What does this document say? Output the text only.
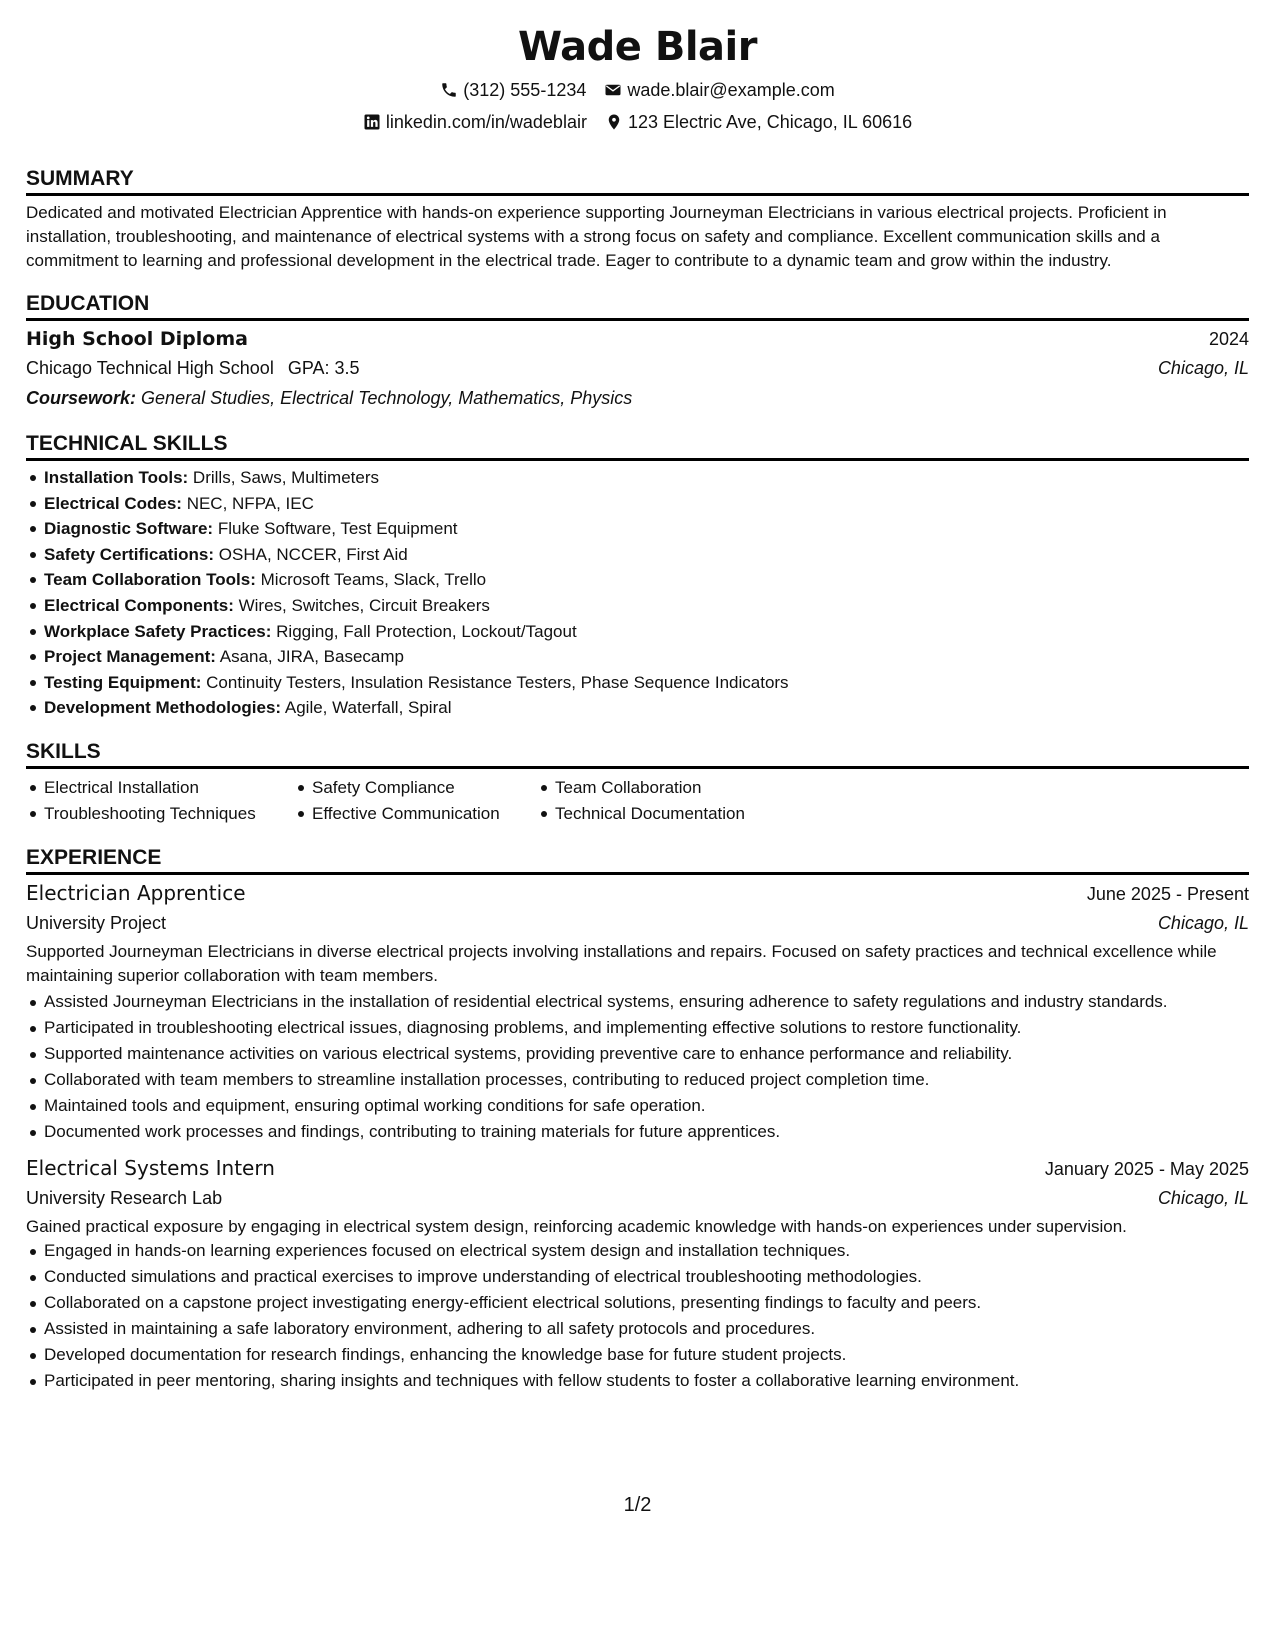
Wade Blair
(312) 555-1234 wade.blair@example.com
linkedin.com/in/wadeblair 123 Electric Ave, Chicago, IL 60616
SUMMARY

Dedicated and motivated Electrician Apprentice with hands-on experience supporting Journeyman Electricians in various electrical projects. Proficient in installation, troubleshooting, and maintenance of electrical systems with a strong focus on safety and compliance. Excellent communication skills and a commitment to learning and professional development in the electrical trade. Eager to contribute to a dynamic team and grow within the industry.

EDUCATION
High School Diploma	2024
Chicago Technical High School GPA: 3.5	Chicago, IL
Coursework: General Studies, Electrical Technology, Mathematics, Physics
TECHNICAL SKILLS
Installation Tools: Drills, Saws, Multimeters
Electrical Codes: NEC, NFPA, IEC
Diagnostic Software: Fluke Software, Test Equipment
Safety Certifications: OSHA, NCCER, First Aid
Team Collaboration Tools: Microsoft Teams, Slack, Trello
Electrical Components: Wires, Switches, Circuit Breakers
Workplace Safety Practices: Rigging, Fall Protection, Lockout/Tagout
Project Management: Asana, JIRA, Basecamp
Testing Equipment: Continuity Testers, Insulation Resistance Testers, Phase Sequence Indicators
Development Methodologies: Agile, Waterfall, Spiral
SKILLS
Electrical Installation	Safety Compliance	Team Collaboration
Troubleshooting Techniques	Effective Communication	Technical Documentation
EXPERIENCE
Electrician Apprentice	June 2025 - Present
University Project	Chicago, IL

Supported Journeyman Electricians in diverse electrical projects involving installations and repairs. Focused on safety practices and technical excellence while maintaining superior collaboration with team members.

Assisted Journeyman Electricians in the installation of residential electrical systems, ensuring adherence to safety regulations and industry standards.
Participated in troubleshooting electrical issues, diagnosing problems, and implementing effective solutions to restore functionality.
Supported maintenance activities on various electrical systems, providing preventive care to enhance performance and reliability.
Collaborated with team members to streamline installation processes, contributing to reduced project completion time.
Maintained tools and equipment, ensuring optimal working conditions for safe operation.
Documented work processes and findings, contributing to training materials for future apprentices.
Electrical Systems Intern	January 2025 - May 2025
University Research Lab	Chicago, IL

Gained practical exposure by engaging in electrical system design, reinforcing academic knowledge with hands-on experiences under supervision.

Engaged in hands-on learning experiences focused on electrical system design and installation techniques.
Conducted simulations and practical exercises to improve understanding of electrical troubleshooting methodologies.
Collaborated on a capstone project investigating energy-efficient electrical solutions, presenting findings to faculty and peers.
Assisted in maintaining a safe laboratory environment, adhering to all safety protocols and procedures.
Developed documentation for research findings, enhancing the knowledge base for future student projects.
Participated in peer mentoring, sharing insights and techniques with fellow students to foster a collaborative learning environment.
1/2
